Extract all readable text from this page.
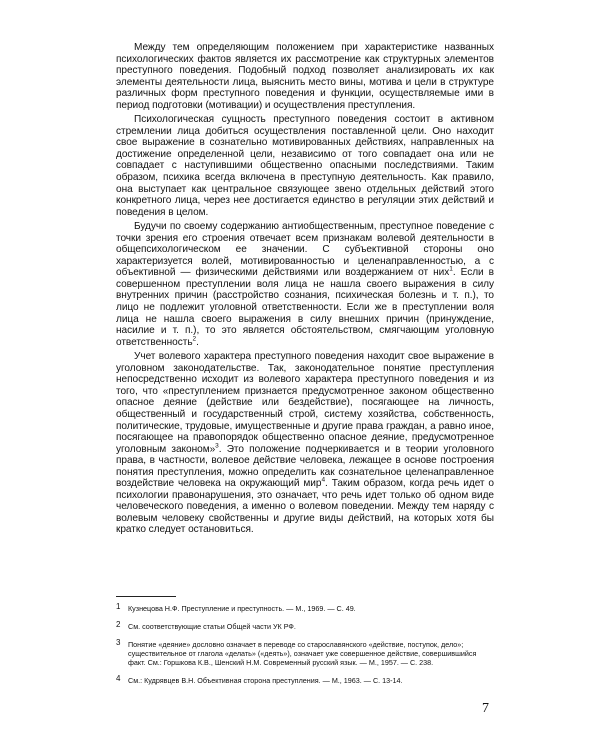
Между тем определяющим положением при характеристике названных психологических фактов является их рассмотрение как структурных элементов преступного поведения. Подобный подход позволяет анализировать их как элементы деятельности лица, выяснить место вины, мотива и цели в структуре различных форм преступного поведения и функции, осуществляемые ими в период подготовки (мотивации) и осуществления преступления.

Психологическая сущность преступного поведения состоит в активном стремлении лица добиться осуществления поставленной цели. Оно находит свое выражение в сознательно мотивированных действиях, направленных на достижение определенной цели, независимо от того совпадает она или не совпадает с наступившими общественно опасными последствиями. Таким образом, психика всегда включена в преступную деятельность. Как правило, она выступает как центральное связующее звено отдельных действий этого конкретного лица, через нее достигается единство в регуляции этих действий и поведения в целом.

Будучи по своему содержанию антиобщественным, преступное поведение с точки зрения его строения отвечает всем признакам волевой деятельности в общепсихологическом ее значении. С субъективной стороны оно характеризуется волей, мотивированностью и целенаправленностью, а с объективной — физическими действиями или воздержанием от них$^1$. Если в совершенном преступлении воля лица не нашла своего выражения в силу внутренних причин (расстройство сознания, психическая болезнь и т. п.), то лицо не подлежит уголовной ответственности. Если же в преступлении воля лица не нашла своего выражения в силу внешних причин (принуждение, насилие и т. п.), то это является обстоятельством, смягчающим уголовную ответственность$^2$.

Учет волевого характера преступного поведения находит свое выражение в уголовном законодательстве. Так, законодательное понятие преступления непосредственно исходит из волевого характера преступного поведения и из того, что «преступлением признается предусмотренное законом общественно опасное деяние (действие или бездействие), посягающее на личность, общественный и государственный строй, систему хозяйства, собственность, политические, трудовые, имущественные и другие права граждан, а равно иное, посягающее на правопорядок общественно опасное деяние, предусмотренное уголовным законом»$^3$. Это положение подчеркивается и в теории уголовного права, в частности, волевое действие человека, лежащее в основе построения понятия преступления, можно определить как сознательное целенаправленное воздействие человека на окружающий мир$^4$. Таким образом, когда речь идет о психологии правонарушения, это означает, что речь идет только об одном виде человеческого поведения, а именно о волевом поведении. Между тем наряду с волевым человеку свойственны и другие виды действий, на которых хотя бы кратко следует остановиться.

1 Кузнецова Н.Ф. Преступление и преступность. — М., 1969. — С. 49.
2 См. соответствующие статьи Общей части УК РФ.
3 Понятие «деяние» дословно означает в переводе со старославянского «действие, поступок, дело»; существительное от глагола «делать» («деять»), означает уже совершенное действие, совершившийся факт. См.: Горшкова К.В., Шенский Н.М. Современный русский язык. — М., 1957. — С. 238.
4 См.: Кудрявцев В.Н. Объективная сторона преступления. — М., 1963. — С. 13-14.
7
